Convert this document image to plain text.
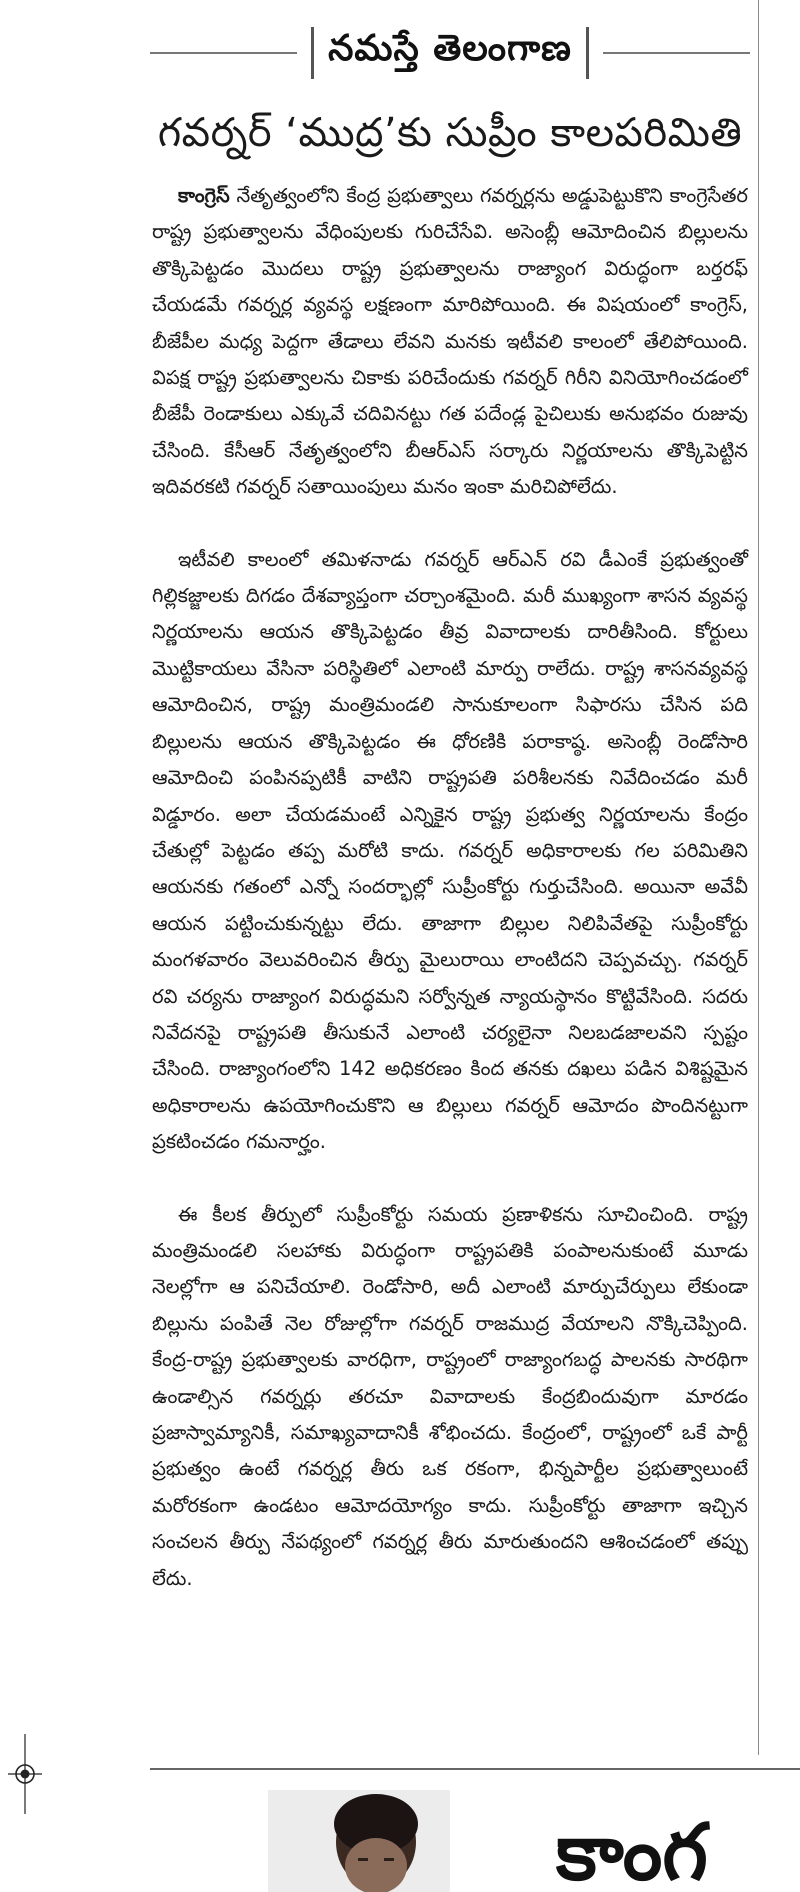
నమస్తే తెలంగాణ
గవర్నర్ ‘ముద్ర’కు సుప్రీం కాలపరిమితి

కాంగ్రెస్ నేతృత్వంలోని కేంద్ర ప్రభుత్వాలు గవర్నర్లను అడ్డుపెట్టుకొని కాంగ్రెసేతర రాష్ట్ర ప్రభుత్వాలను వేధింపులకు గురిచేసేవి. అసెంబ్లీ ఆమోదించిన బిల్లులను తొక్కిపెట్టడం మొదలు రాష్ట్ర ప్రభుత్వాలను రాజ్యాంగ విరుద్ధంగా బర్తరఫ్ చేయడమే గవర్నర్ల వ్యవస్థ లక్షణంగా మారిపోయింది. ఈ విషయంలో కాంగ్రెస్, బీజేపీల మధ్య పెద్దగా తేడాలు లేవని మనకు ఇటీవలి కాలంలో తేలిపోయింది. విపక్ష రాష్ట్ర ప్రభుత్వాలను చికాకు పరిచేందుకు గవర్నర్ గిరీని వినియోగించడంలో బీజేపీ రెండాకులు ఎక్కువే చదివినట్టు గత పదేండ్ల పైచిలుకు అనుభవం రుజువు చేసింది. కేసీఆర్ నేతృత్వంలోని బీఆర్ఎస్ సర్కారు నిర్ణయాలను తొక్కిపెట్టిన ఇదివరకటి గవర్నర్ సతాయింపులు మనం ఇంకా మరిచిపోలేదు.

ఇటీవలి కాలంలో తమిళనాడు గవర్నర్ ఆర్ఎన్ రవి డీఎంకే ప్రభుత్వంతో గిల్లికజ్జాలకు దిగడం దేశవ్యాప్తంగా చర్చాంశమైంది. మరీ ముఖ్యంగా శాసన వ్యవస్థ నిర్ణయాలను ఆయన తొక్కిపెట్టడం తీవ్ర వివాదాలకు దారితీసింది. కోర్టులు మొట్టికాయలు వేసినా పరిస్థితిలో ఎలాంటి మార్పు రాలేదు. రాష్ట్ర శాసనవ్యవస్థ ఆమోదించిన, రాష్ట్ర మంత్రిమండలి సానుకూలంగా సిఫారసు చేసిన పది బిల్లులను ఆయన తొక్కిపెట్టడం ఈ ధోరణికి పరాకాష్ఠ. అసెంబ్లీ రెండోసారి ఆమోదించి పంపినప్పటికీ వాటిని రాష్ట్రపతి పరిశీలనకు నివేదించడం మరీ విడ్డూరం. అలా చేయడమంటే ఎన్నికైన రాష్ట్ర ప్రభుత్వ నిర్ణయాలను కేంద్రం చేతుల్లో పెట్టడం తప్ప మరోటి కాదు. గవర్నర్ అధికారాలకు గల పరిమితిని ఆయనకు గతంలో ఎన్నో సందర్భాల్లో సుప్రీంకోర్టు గుర్తుచేసింది. అయినా అవేవీ ఆయన పట్టించుకున్నట్టు లేదు. తాజాగా బిల్లుల నిలిపివేతపై సుప్రీంకోర్టు మంగళవారం వెలువరించిన తీర్పు మైలురాయి లాంటిదని చెప్పవచ్చు. గవర్నర్ రవి చర్యను రాజ్యాంగ విరుద్ధమని సర్వోన్నత న్యాయస్థానం కొట్టివేసింది. సదరు నివేదనపై రాష్ట్రపతి తీసుకునే ఎలాంటి చర్యలైనా నిలబడజాలవని స్పష్టం చేసింది. రాజ్యాంగంలోని 142 అధికరణం కింద తనకు దఖలు పడిన విశిష్టమైన అధికారాలను ఉపయోగించుకొని ఆ బిల్లులు గవర్నర్ ఆమోదం పొందినట్టుగా ప్రకటించడం గమనార్హం.

ఈ కీలక తీర్పులో సుప్రీంకోర్టు సమయ ప్రణాళికను సూచించింది. రాష్ట్ర మంత్రిమండలి సలహాకు విరుద్ధంగా రాష్ట్రపతికి పంపాలనుకుంటే మూడు నెలల్లోగా ఆ పనిచేయాలి. రెండోసారి, అదీ ఎలాంటి మార్పుచేర్పులు లేకుండా బిల్లును పంపితే నెల రోజుల్లోగా గవర్నర్ రాజముద్ర వేయాలని నొక్కిచెప్పింది. కేంద్ర-రాష్ట్ర ప్రభుత్వాలకు వారధిగా, రాష్ట్రంలో రాజ్యాంగబద్ధ పాలనకు సారథిగా ఉండాల్సిన గవర్నర్లు తరచూ వివాదాలకు కేంద్రబిందువుగా మారడం ప్రజాస్వామ్యానికీ, సమాఖ్యవాదానికీ శోభించదు. కేంద్రంలో, రాష్ట్రంలో ఒకే పార్టీ ప్రభుత్వం ఉంటే గవర్నర్ల తీరు ఒక రకంగా, భిన్నపార్టీల ప్రభుత్వాలుంటే మరోరకంగా ఉండటం ఆమోదయోగ్యం కాదు. సుప్రీంకోర్టు తాజాగా ఇచ్చిన సంచలన తీర్పు నేపథ్యంలో గవర్నర్ల తీరు మారుతుందని ఆశించడంలో తప్పు లేదు.

కాంగ
